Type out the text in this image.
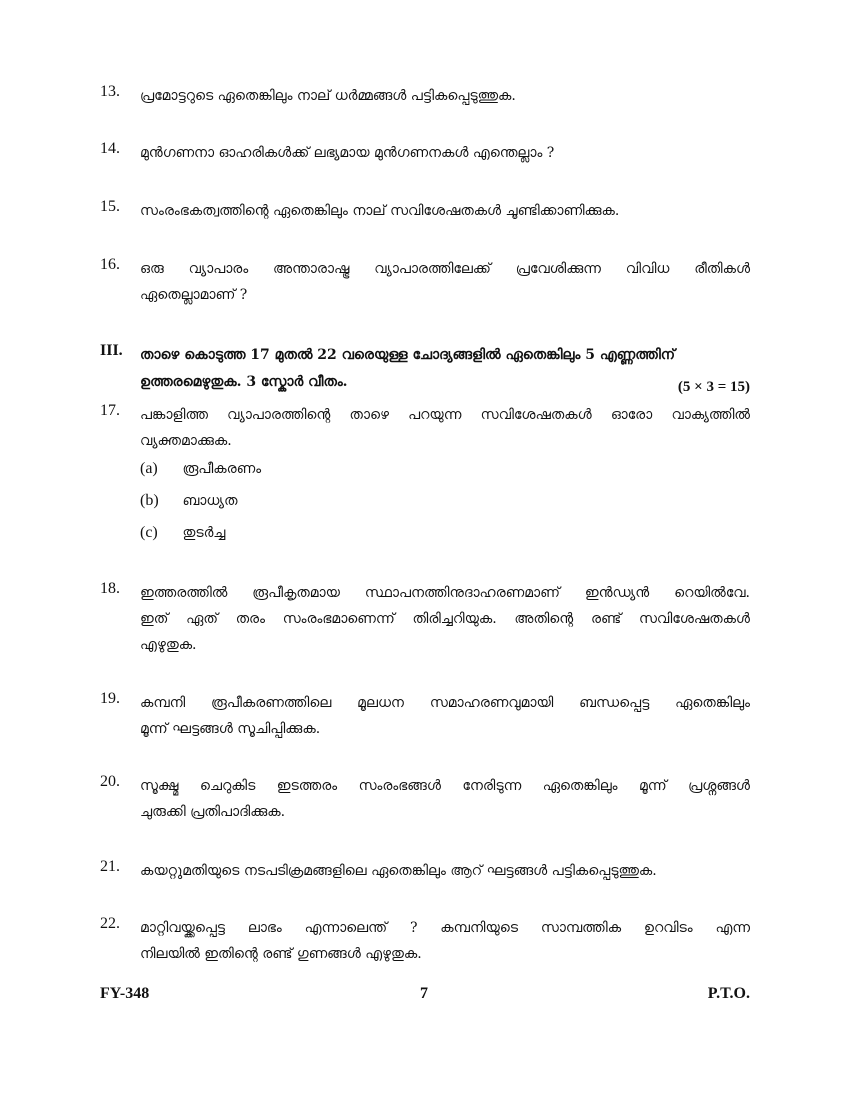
13.	പ്രമോട്ടറുടെ ഏതെങ്കിലും നാല് ധർമ്മങ്ങൾ പട്ടികപ്പെടുത്തുക.
14.	മുൻഗണനാ ഓഹരികൾക്ക് ലഭ്യമായ മുൻഗണനകൾ എന്തെല്ലാം ?
15.	സംരംഭകത്വത്തിന്റെ ഏതെങ്കിലും നാല് സവിശേഷതകൾ ചൂണ്ടിക്കാണിക്കുക.
16.	ഒരു വ്യാപാരം അന്താരാഷ്ട്ര വ്യാപാരത്തിലേക്ക് പ്രവേശിക്കുന്ന വിവിധ രീതികൾ
ഏതെല്ലാമാണ് ?
III. താഴെ കൊടുത്ത 17 മുതൽ 22 വരെയുള്ള ചോദ്യങ്ങളിൽ ഏതെങ്കിലും 5 എണ്ണത്തിന്
ഉത്തരമെഴുതുക. 3 സ്കോർ വീതം.	(5 × 3 = 15)
17.	പങ്കാളിത്ത വ്യാപാരത്തിന്റെ താഴെ പറയുന്ന സവിശേഷതകൾ ഓരോ വാക്യത്തിൽ
വ്യക്തമാക്കുക.
(a) രൂപീകരണം
(b) ബാധ്യത
(c) തുടർച്ച
18.	ഇത്തരത്തിൽ രൂപീകൃതമായ സ്ഥാപനത്തിനുദാഹരണമാണ് ഇൻഡ്യൻ റെയിൽവേ.
ഇത് ഏത് തരം സംരംഭമാണെന്ന് തിരിച്ചറിയുക. അതിന്റെ രണ്ട് സവിശേഷതകൾ
എഴുതുക.
19.	കമ്പനി രൂപീകരണത്തിലെ മൂലധന സമാഹരണവുമായി ബന്ധപ്പെട്ട ഏതെങ്കിലും
മൂന്ന് ഘട്ടങ്ങൾ സൂചിപ്പിക്കുക.
20.	സൂക്ഷ്മ ചെറുകിട ഇടത്തരം സംരംഭങ്ങൾ നേരിടുന്ന ഏതെങ്കിലും മൂന്ന് പ്രശ്നങ്ങൾ
ചുരുക്കി പ്രതിപാദിക്കുക.
21.	കയറ്റുമതിയുടെ നടപടിക്രമങ്ങളിലെ ഏതെങ്കിലും ആറ് ഘട്ടങ്ങൾ പട്ടികപ്പെടുത്തുക.
22.	മാറ്റിവയ്ക്കപ്പെട്ട ലാഭം എന്നാലെന്ത് ? കമ്പനിയുടെ സാമ്പത്തിക ഉറവിടം എന്ന
നിലയിൽ ഇതിന്റെ രണ്ട് ഗുണങ്ങൾ എഴുതുക.
FY-348	7	P.T.O.
